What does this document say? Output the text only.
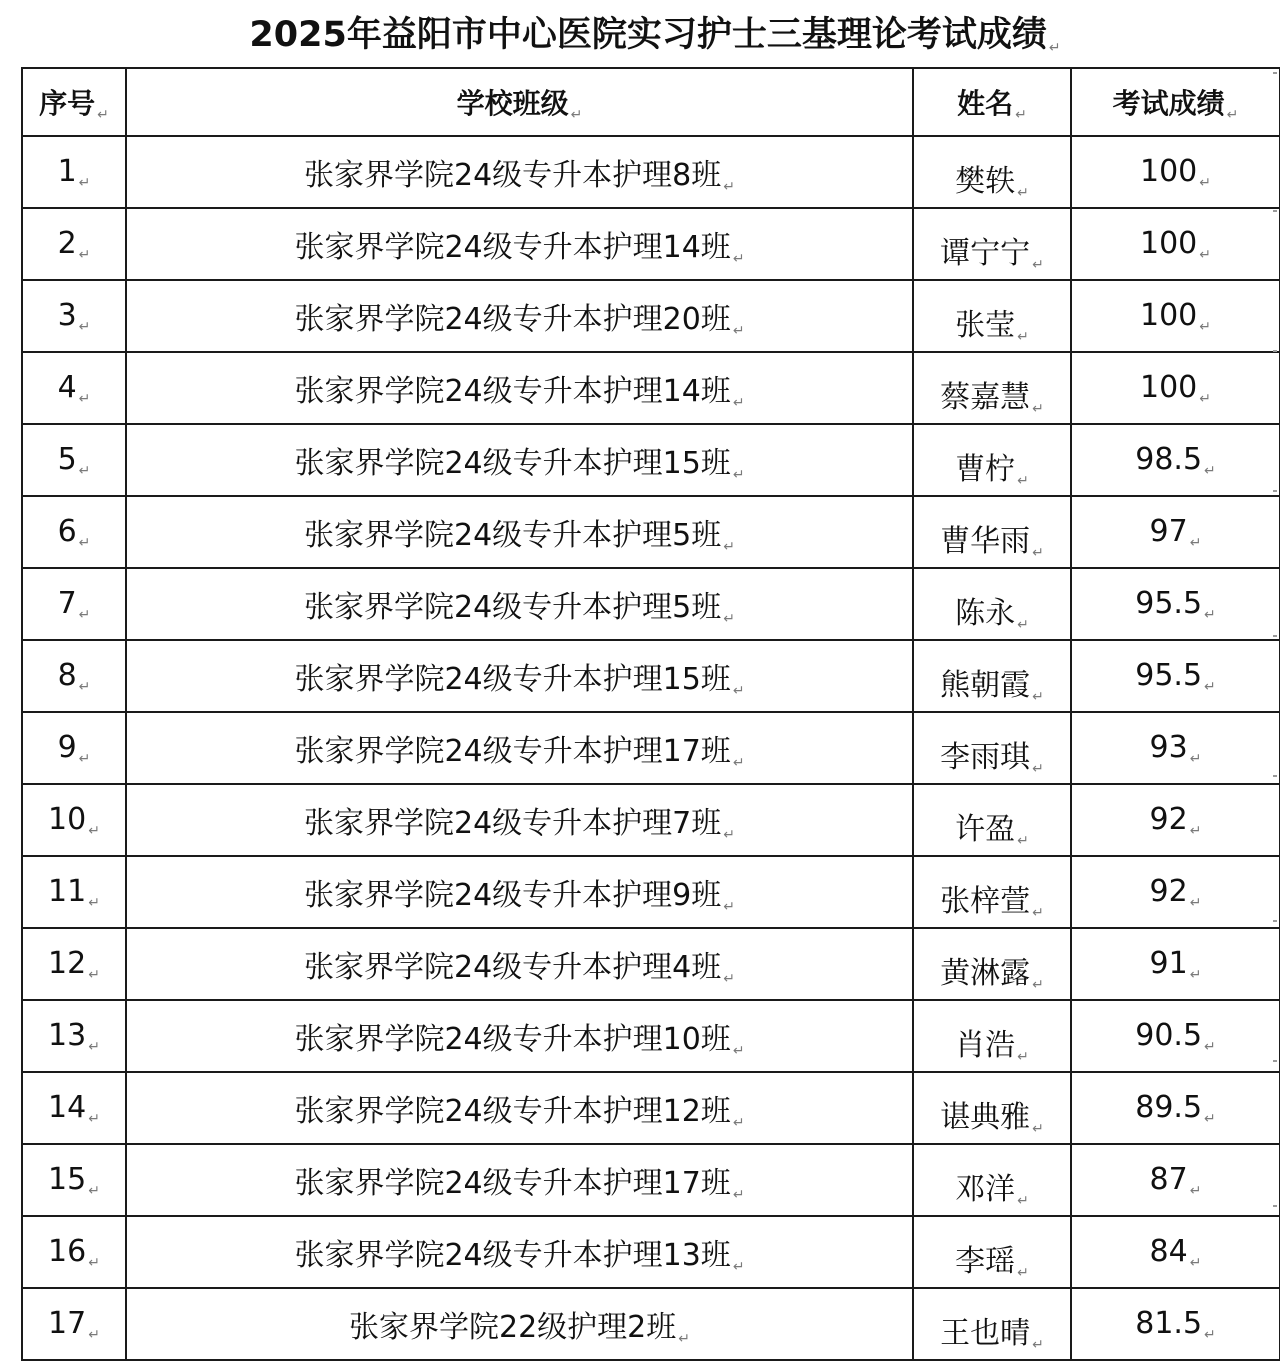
2025年益阳市中心医院实习护士三基理论考试成绩 ↵
序号 ↵	学校班级 ↵	姓名 ↵	考试成绩 ↵
1 ↵	张家界学院24级专升本护理8班 ↵	樊轶 ↵	100 ↵
2 ↵	张家界学院24级专升本护理14班 ↵	谭宁宁 ↵	100 ↵
3 ↵	张家界学院24级专升本护理20班 ↵	张莹 ↵	100 ↵
4 ↵	张家界学院24级专升本护理14班 ↵	蔡嘉慧 ↵	100 ↵
5 ↵	张家界学院24级专升本护理15班 ↵	曹柠 ↵	98.5 ↵
6 ↵	张家界学院24级专升本护理5班 ↵	曹华雨 ↵	97 ↵
7 ↵	张家界学院24级专升本护理5班 ↵	陈永 ↵	95.5 ↵
8 ↵	张家界学院24级专升本护理15班 ↵	熊朝霞 ↵	95.5 ↵
9 ↵	张家界学院24级专升本护理17班 ↵	李雨琪 ↵	93 ↵
10 ↵	张家界学院24级专升本护理7班 ↵	许盈 ↵	92 ↵
11 ↵	张家界学院24级专升本护理9班 ↵	张梓萱 ↵	92 ↵
12 ↵	张家界学院24级专升本护理4班 ↵	黄淋露 ↵	91 ↵
13 ↵	张家界学院24级专升本护理10班 ↵	肖浩 ↵	90.5 ↵
14 ↵	张家界学院24级专升本护理12班 ↵	谌典雅 ↵	89.5 ↵
15 ↵	张家界学院24级专升本护理17班 ↵	邓洋 ↵	87 ↵
16 ↵	张家界学院24级专升本护理13班 ↵	李瑶 ↵	84 ↵
17 ↵	张家界学院22级护理2班 ↵	王也晴 ↵	81.5 ↵
